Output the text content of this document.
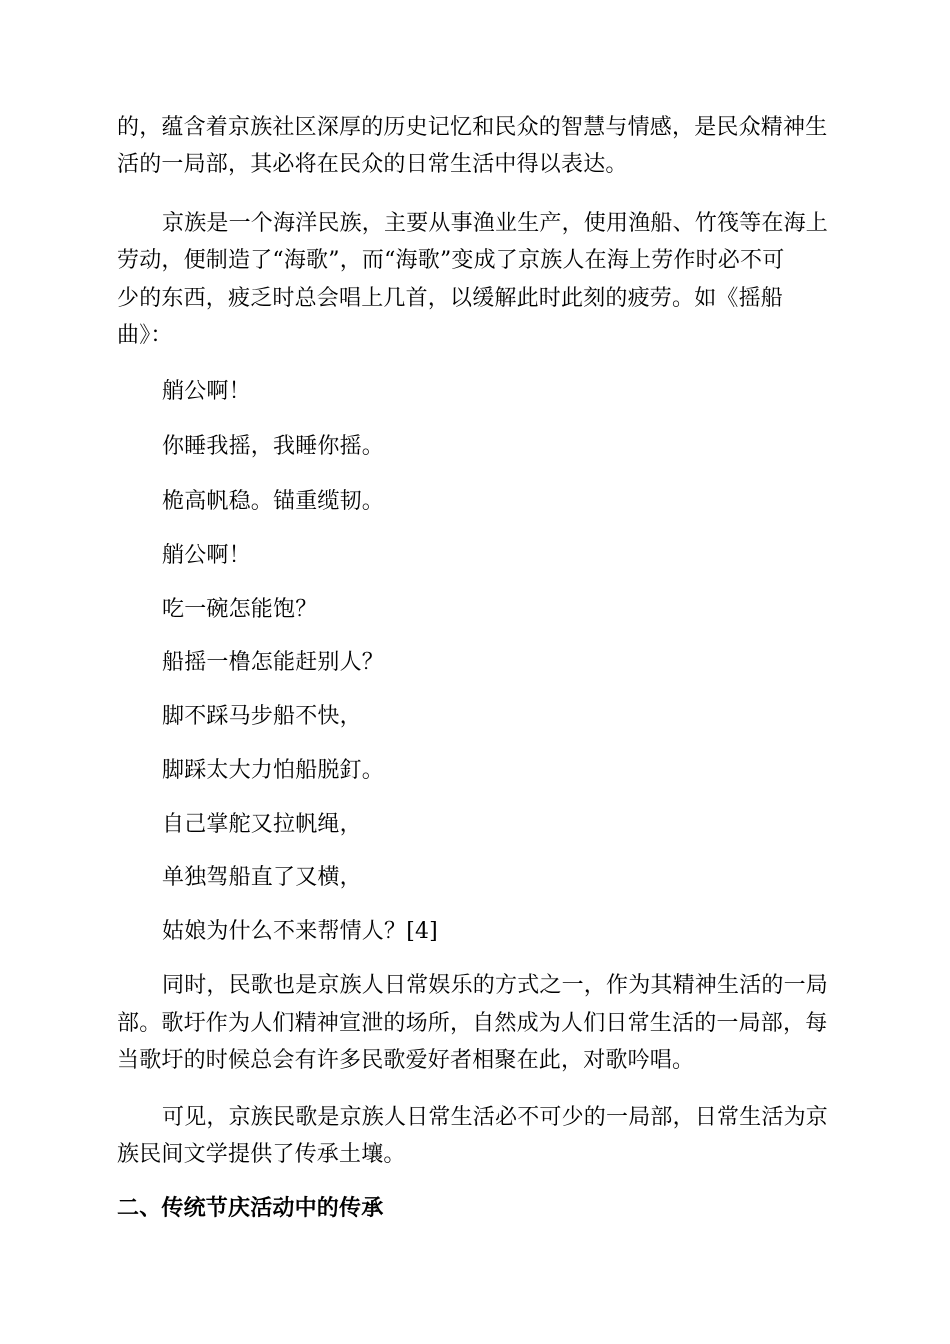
的，蕴含着京族社区深厚的历史记忆和民众的智慧与情感，是民众精神生
活的一局部，其必将在民众的日常生活中得以表达。
京族是一个海洋民族，主要从事渔业生产，使用渔船、竹筏等在海上
劳动，便制造了“海歌”，而“海歌”变成了京族人在海上劳作时必不可
少的东西，疲乏时总会唱上几首，以缓解此时此刻的疲劳。如《摇船
曲》：
艄公啊！
你睡我摇，我睡你摇。
桅高帆稳。锚重缆韧。
艄公啊！
吃一碗怎能饱？
船摇一橹怎能赶别人？
脚不踩马步船不快，
脚踩太大力怕船脱釘。
自己掌舵又拉帆绳，
单独驾船直了又横，
姑娘为什么不来帮情人？[4]
同时，民歌也是京族人日常娱乐的方式之一，作为其精神生活的一局
部。歌圩作为人们精神宣泄的场所，自然成为人们日常生活的一局部，每
当歌圩的时候总会有许多民歌爱好者相聚在此，对歌吟唱。
可见，京族民歌是京族人日常生活必不可少的一局部，日常生活为京
族民间文学提供了传承土壤。
二、传统节庆活动中的传承
